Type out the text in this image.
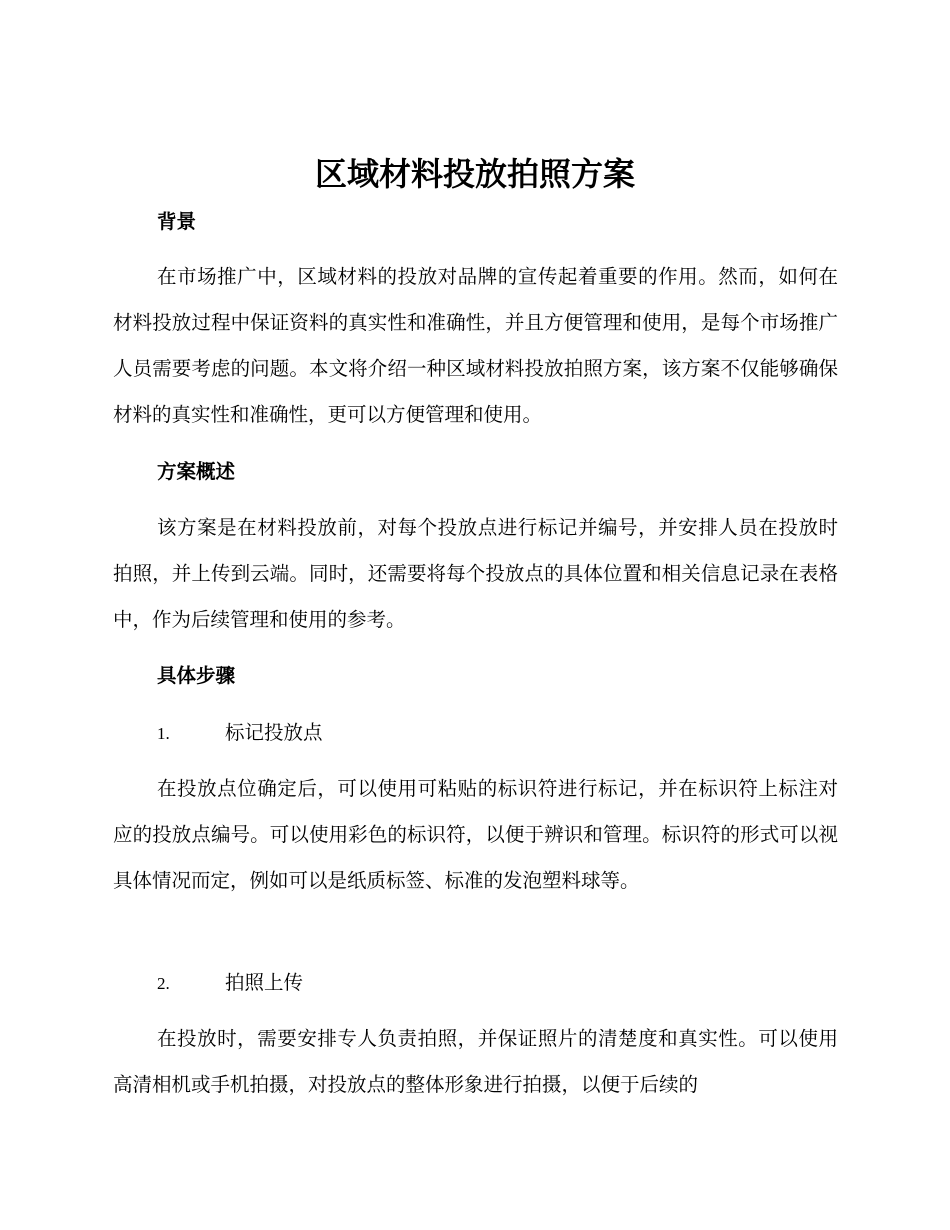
区域材料投放拍照方案
背景

在市场推广中，区域材料的投放对品牌的宣传起着重要的作用。然而，如何在材料投放过程中保证资料的真实性和准确性，并且方便管理和使用，是每个市场推广人员需要考虑的问题。本文将介绍一种区域材料投放拍照方案，该方案不仅能够确保材料的真实性和准确性，更可以方便管理和使用。

方案概述

该方案是在材料投放前，对每个投放点进行标记并编号，并安排人员在投放时拍照，并上传到云端。同时，还需要将每个投放点的具体位置和相关信息记录在表格中，作为后续管理和使用的参考。

具体步骤
1.	标记投放点

在投放点位确定后，可以使用可粘贴的标识符进行标记，并在标识符上标注对应的投放点编号。可以使用彩色的标识符，以便于辨识和管理。标识符的形式可以视具体情况而定，例如可以是纸质标签、标准的发泡塑料球等。

2.	拍照上传

在投放时，需要安排专人负责拍照，并保证照片的清楚度和真实性。可以使用高清相机或手机拍摄，对投放点的整体形象进行拍摄，以便于后续的
